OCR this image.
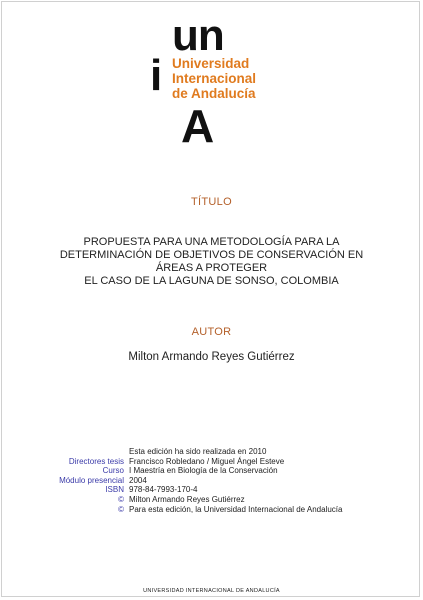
un
i
A
Universidad
Internacional
de Andalucía
TÍTULO
PROPUESTA PARA UNA METODOLOGÍA PARA LA
DETERMINACIÓN DE OBJETIVOS DE CONSERVACIÓN EN
ÁREAS A PROTEGER
EL CASO DE LA LAGUNA DE SONSO, COLOMBIA
AUTOR
Milton Armando Reyes Gutiérrez
Esta edición ha sido realizada en 2010
Directores tesis Francisco Robledano / Miguel Ángel Esteve
Curso I Maestría en Biología de la Conservación
Módulo presencial 2004
ISBN 978-84-7993-170-4
© Milton Armando Reyes Gutiérrez
© Para esta edición, la Universidad Internacional de Andalucía
UNIVERSIDAD INTERNACIONAL DE ANDALUCÍA
